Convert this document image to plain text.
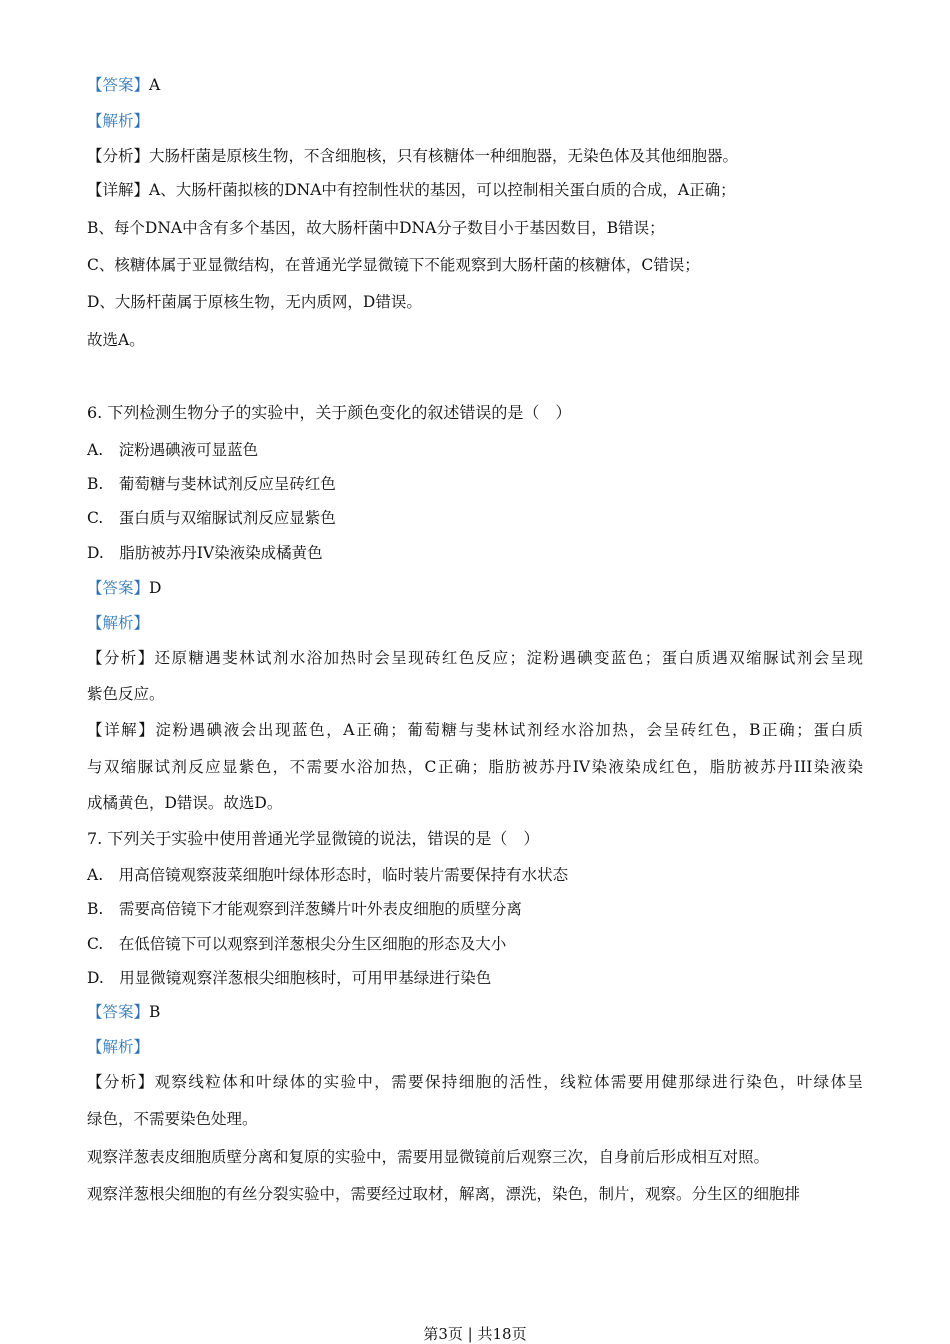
【答案】A
【解析】
【分析】大肠杆菌是原核生物，不含细胞核，只有核糖体一种细胞器，无染色体及其他细胞器。
【详解】A、大肠杆菌拟核的DNA中有控制性状的基因，可以控制相关蛋白质的合成，A正确；
B、每个DNA中含有多个基因，故大肠杆菌中DNA分子数目小于基因数目，B错误；
C、核糖体属于亚显微结构，在普通光学显微镜下不能观察到大肠杆菌的核糖体，C错误；
D、大肠杆菌属于原核生物，无内质网，D错误。
故选A。
6. 下列检测生物分子的实验中，关于颜色变化的叙述错误的是（　）
A.　淀粉遇碘液可显蓝色
B.　葡萄糖与斐林试剂反应呈砖红色
C.　蛋白质与双缩脲试剂反应显紫色
D.　脂肪被苏丹IV染液染成橘黄色
【答案】D
【解析】
【分析】还原糖遇斐林试剂水浴加热时会呈现砖红色反应；淀粉遇碘变蓝色；蛋白质遇双缩脲试剂会呈现
紫色反应。
【详解】淀粉遇碘液会出现蓝色，A正确；葡萄糖与斐林试剂经水浴加热，会呈砖红色，B正确；蛋白质
与双缩脲试剂反应显紫色，不需要水浴加热，C正确；脂肪被苏丹IV染液染成红色，脂肪被苏丹III染液染
成橘黄色，D错误。故选D。
7. 下列关于实验中使用普通光学显微镜的说法，错误的是（　）
A.　用高倍镜观察菠菜细胞叶绿体形态时，临时装片需要保持有水状态
B.　需要高倍镜下才能观察到洋葱鳞片叶外表皮细胞的质壁分离
C.　在低倍镜下可以观察到洋葱根尖分生区细胞的形态及大小
D.　用显微镜观察洋葱根尖细胞核时，可用甲基绿进行染色
【答案】B
【解析】
【分析】观察线粒体和叶绿体的实验中，需要保持细胞的活性，线粒体需要用健那绿进行染色，叶绿体呈
绿色，不需要染色处理。
观察洋葱表皮细胞质壁分离和复原的实验中，需要用显微镜前后观察三次，自身前后形成相互对照。
观察洋葱根尖细胞的有丝分裂实验中，需要经过取材，解离，漂洗，染色，制片，观察。分生区的细胞排
第3页 | 共18页
